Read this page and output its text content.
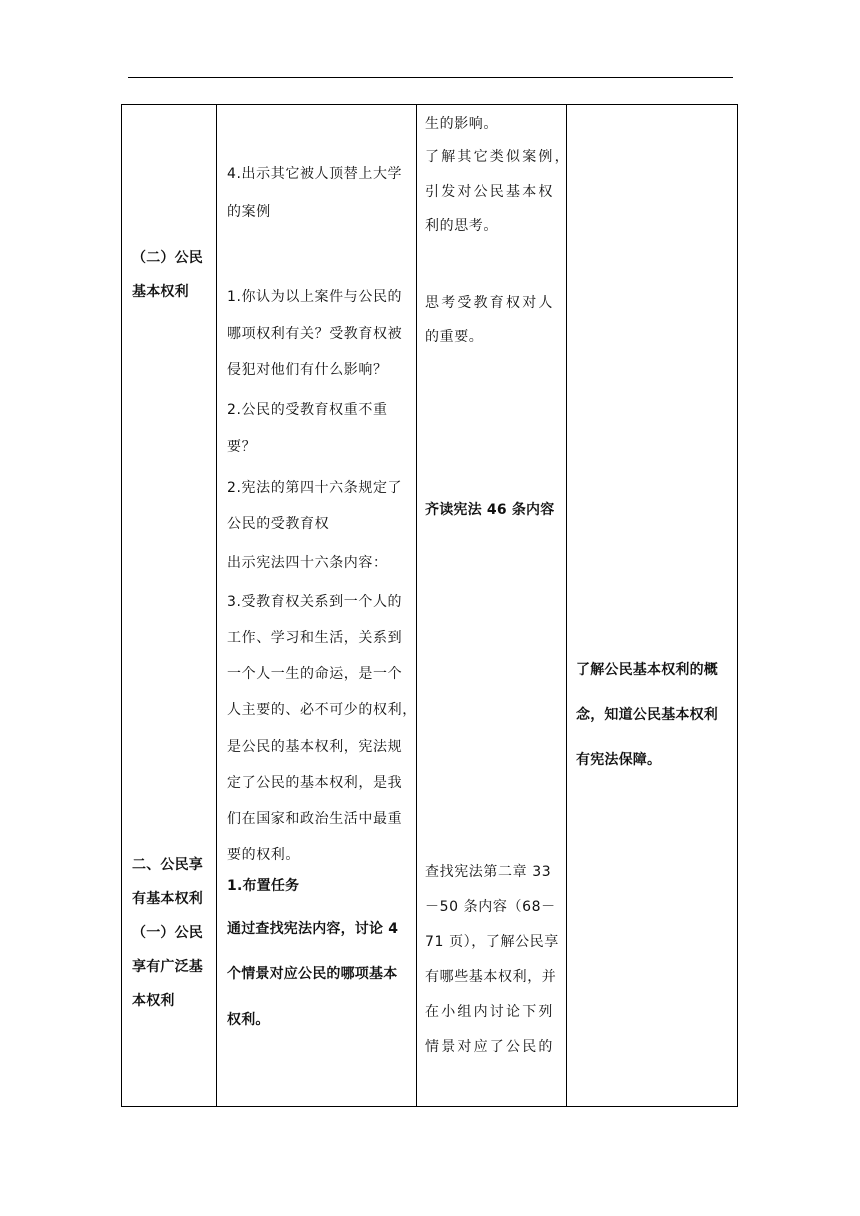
（二）公民
基本权利
二、公民享
有基本权利
（一）公民
享有广泛基
本权利
4.出示其它被人顶替上大学
的案例
1.你认为以上案件与公民的
哪项权利有关？受教育权被
侵犯对他们有什么影响？
2.公民的受教育权重不重
要？
2.宪法的第四十六条规定了
公民的受教育权
出示宪法四十六条内容：
3.受教育权关系到一个人的
工作、学习和生活，关系到
一个人一生的命运，是一个
人主要的、必不可少的权利，
是公民的基本权利，宪法规
定了公民的基本权利，是我
们在国家和政治生活中最重
要的权利。
1.布置任务
通过查找宪法内容，讨论 4
个情景对应公民的哪项基本
权利。
生的影响。
了解其它类似案例，
引发对公民基本权
利的思考。
思考受教育权对人
的重要。
齐读宪法 46 条内容
查找宪法第二章 33
－50 条内容（68－
71 页），了解公民享
有哪些基本权利，并
在小组内讨论下列
情景对应了公民的
了解公民基本权利的概
念，知道公民基本权利
有宪法保障。
